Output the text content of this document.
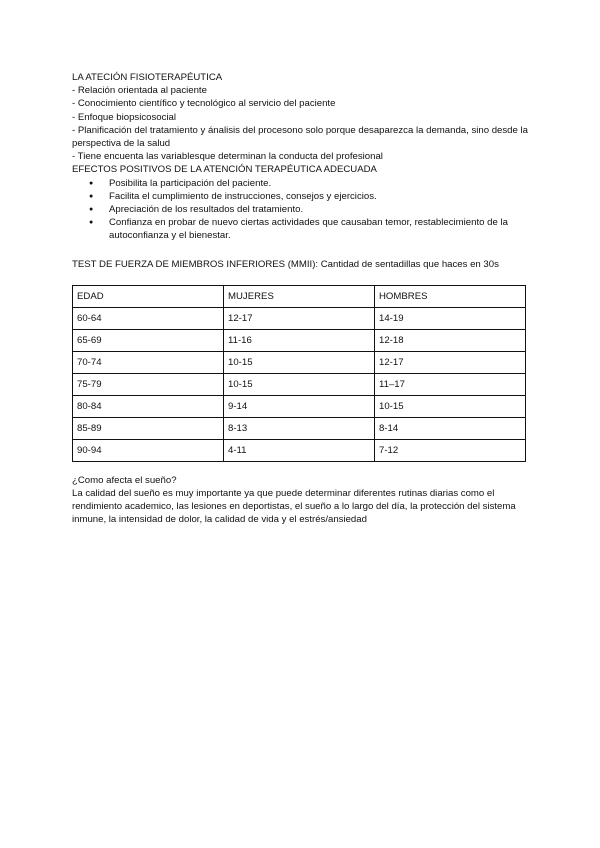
LA ATECIÓN FISIOTERAPÉUTICA
- Relación orientada al paciente
- Conocimiento científico y tecnológico al servicio del paciente
- Enfoque biopsicosocial
- Planificación del tratamiento y ánalisis del procesono solo porque desaparezca la demanda, sino desde la perspectiva de la salud
- Tiene encuenta las variablesque determinan la conducta del profesional
EFECTOS POSITIVOS DE LA ATENCIÓN TERAPÉUTICA ADECUADA
● Posibilita la participación del paciente.
● Facilita el cumplimiento de instrucciones, consejos y ejercicios.
● Apreciación de los resultados del tratamiento.
● Confianza en probar de nuevo ciertas actividades que causaban temor, restablecimiento de la autoconfianza y el bienestar.
TEST DE FUERZA DE MIEMBROS INFERIORES (MMII): Cantidad de sentadillas que haces en 30s
EDAD	MUJERES	HOMBRES
60-64	12-17	14-19
65-69	11-16	12-18
70-74	10-15	12-17
75-79	10-15	11–17
80-84	9-14	10-15
85-89	8-13	8-14
90-94	4-11	7-12
¿Como afecta el sueño?
La calidad del sueño es muy importante ya que puede determinar diferentes rutinas diarias como el rendimiento academico, las lesiones en deportistas, el sueño a lo largo del día, la protección del sistema inmune, la intensidad de dolor, la calidad de vida y el estrés/ansiedad
